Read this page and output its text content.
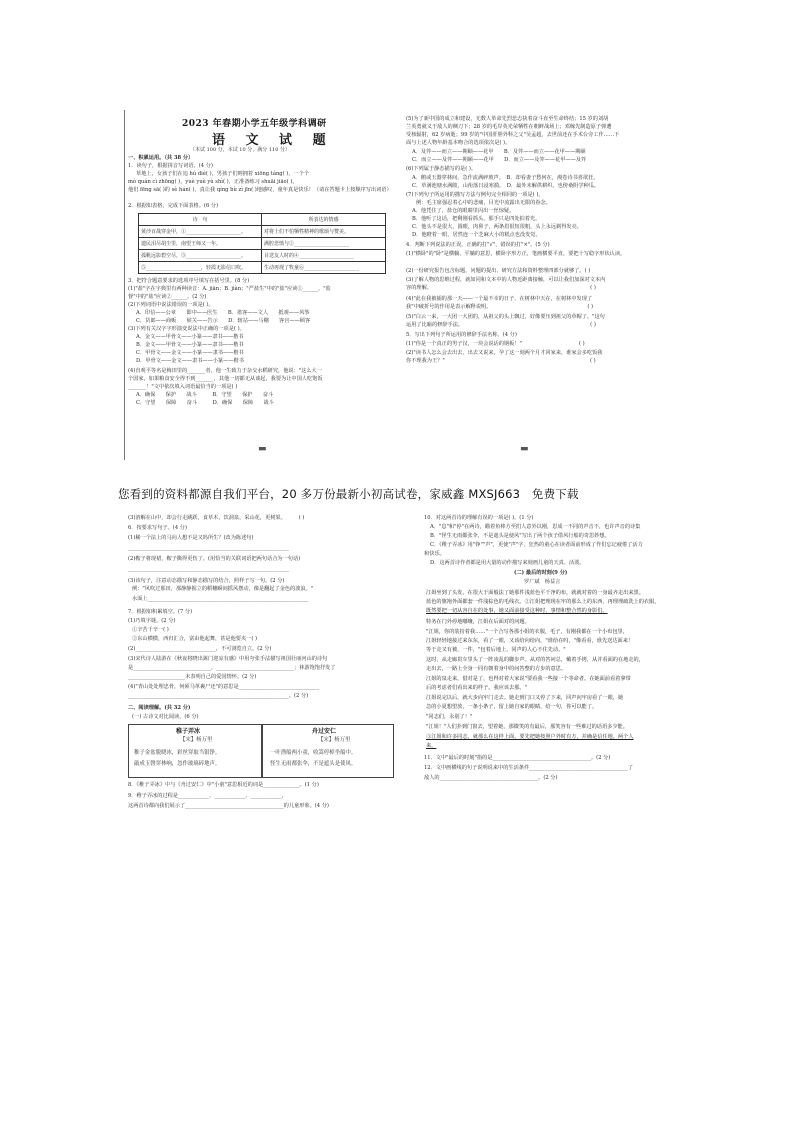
2023 年春期小学五年级学科调研
语 文 试 题
（本试 100 分，本试 10 分，满分 110 分）
一、积累运用。（共 38 分）
1．读句子，根据拼音写词语。(4 分)
草地上，女孩子们在追 hú dié( )，男孩子们则拥着 xiōng táng( )，一个个
mò quán cì zhōng( )，yuè yuè yù shì( )，正准备练习 shuāi jiāo( )。
他们 fēng sā( )的 sè hán( )，真让我 qíng bù zì jīn( )地感叹，童年真是快乐！（请在答题卡上按顺序写出词语）
2．根据如表格，完成下面表格。(6 分)
诗　句	所表达的情感
黄沙百战穿金甲，①______________________。	对将士们不怕牺牲精神的歌颂与赞美。
遗民泪尽胡尘里，南望王师又一年。	满腔悲愤与②______________________
孤帆远影碧空尽，③______________________。	目送友人时的④______________________
⑤______________________，轻霞无影信口吹。	生动再现了牧童⑥______________________
3．把符合题意要求的选项序号填写在括号里。(8 分)
(1)"盐"字在字典里有两种读音：A. jiān；B. jiàn；"严盐生"中的"盐"应读①______，"监
督"中的"盐"应读②______。(2 分)
(2)下列词语中说法错误的一项是( )。
A．印信——公章　　即中——医生　　B．墨客——文人　　抵观——风筝
C．货郎——商贩　　候关——告示　　D．辖站——马棚　　客官——顾客
(3)下列有关汉字字形演变说法中正确的一项是( )。
A．金文——甲骨文——小篆——隶书——楷书
B．金文——甲骨文——小篆——隶书——楷书
C．甲骨文——金文——小篆——隶书——楷书
D．甲骨文——金文——隶书——小篆——楷书
(4)直观平等名是梅田里的_______者，他一生致力于杂交水稻研究，他说："这么大一
个国家，如果粮食安全得不到_______，其他一切都无从谈起，我要为让中国人吃饱饭
_______！"文中依次填入词语最恰当的一项是( )
A．确保　　保护　　战斗　　　B．守望　　保护　　奋斗
C．守望　　保障　　奋斗　　　D．确保　　保障　　战斗
▬
(5)为了新中国的成立和建设，无数人革命先烈悲志执着奋斗直至生命终结；15 岁的刘胡
兰英勇就义于敌人的铡刀下；28 岁的毛岸英光荣牺牲在朝鲜战场上；邓稼先制造原子弹遭
受核辐射，62 岁病逝；99 岁的"中国肝胆外科之父"吴孟超，去世前还在手术台旁工作……下
面与上述人物年龄基本吻合的选项依次是( )。
A．及笄——而立——期颐——花甲　　B．及笄——而立——花甲——期颐
C．而立——及笄——期颐——花甲　　D．而立——及笄——花甲——及笄
(6)下列属于静态描写的是( )。
A．鹅或玉器穿林间，急作流满碎玻声。　B．却看妻子愁何在，漫卷诗书喜欲狂。
C．草满池塘水满陂，山衔落日浸寒漪。　D．最外未解供耕织，也傍桑阴学种瓜。
(7)下列句子所运用的描写方法与例句完全相同的一项是( )。
例：毛主席强忍着心中的悲痛，目光中流露出无限的眷念。
A．他凭住了，盐仓的眼睛里闪出一丝惊疑。
B．他听了这话，把剩刚看抓头，那手只是四处拍着光。
C．他头不是很大，圆眼，肉鼻子，两条眉很短很粗，头上永远剃得发亮。
D．他瞪着一眼，居然连一个芝麻大小的糕点也没发觉。
4．判断下列说法的正误，正确的打"√"，错误的打"×"。(5 分)
(1)"横卧"的"卧"是横躺、平躺的意思，横卧字形方正，笔画横要平直，要把十写稳字形状认读。
(2)一份研究报告包含标题、问题的提出、研究方法和资料整理四部分就够了。( )
(3)了解人物的思维过程，就如同和文本中的人物近距离接触，可以让我们加深对文本内
容的理解。　　　　　　　　　　　　　　　　　　　　　　　　　　　　　　　( )
(4)"此在我被捕的那一天——一个最不幸的日子，在树林中天在，在树林中发现了
我"中破折号的作用是表示解释说明。　　　　　　　　　　　　　　　　　　　( )
(5)"白云一来，一大团一大团的，从祖父的头上飘过，好像要压到祖父的草帽了。"这句
运用了比喻的修辞手法。　　　　　　　　　　　　　　　　　　　　　　　　　( )
5．写出下列句子所运用的修辞手法名称。(4 分)
(1)"你是一个真正的男子汉，一块会说话的钢板！"　　　　　　　　　　　( )
(2)"读书人怎么会去出去，出去又说来，孕了这一刻两个月才回家来，谁家会多吃饭我
你不理我为王？"　　　　　　　　　　　　　　　　　　　　　　　　　　　　( )
▬
您看到的资料都源自我们平台，20 多万份最新小初高试卷，家威鑫 MXSJ663　免费下载
(3)溶解在山中，却会行走跳跃，食草木，饮洞泉，采山花，更树果。　　　( )
6．按要求写句子。(4 分)
(1)稀一个法上的马向人想不是又吗所生？(改为陈述句)
______________________________________________________________
(2)鞍子将现裙，鞍子撕得更伤了。(用恰当的关联词语把两句话合为一句话)
______________________________________________________________
(3)该句子，注意动态描写和静态描写的结合，照样子写一句。(2 分)
例："风吹过那田，那静静握立的稻穗瞬间摇风摆动，像是翻起了金色的波浪。"
水面上______________________________________________________________
7．根据如积累填空。(7 分)
(1)巧填字谜。(2 分)
①辛苦千辛一( )
②东山横横，西归汇合，富由他起舞，甚是他要夹一( )
(2)_______________________________，不可浏览自立。(2 分)
(3)宋代诗人陆游在《秋夜将晓出篱门迎凉有感》中用夸张手法描写祖国壮丽河山的诗句
是______________________________，______________________________；林游饱饱抒发了
______________________未表明自己的爱国情怀。(2 分)
(4)"青山处处埋忠骨，何须马革裹尸还"的意思是_______________________________
______________________________________________________________。(2 分)
二、阅读理解。(共 32 分)
(一) 古诗文对比阅读。(6 分)
稚子弄冰
【宋】杨万里
稚子金盆脱晓冰，彩丝穿取当银铮。
敲成玉磬穿林响，忽作玻璃碎地声。
舟过安仁
【宋】杨万里
一叶渔船两小童，收篙停棹坐船中。
怪生无雨都张伞，不是遮头是使风。
8．《稚子弄冰》中与《舟过安仁》中"小童"意思相近的词是______________。(1 分)
9．稚子弄冰的过程是____________、____________、____________，
这两首诗都向我们展示了______________________________________的儿童形象。(4 分)
10．对这两首诗的理解有误的一项是( )。(1 分)
A．"息"和"停"在两诗，瞄着鱼棒方至扪人意外以刚，思成一不同的声音不，也许声音的诗集
B．"怪生无雨都张伞，不是遮头是使风"写出了两个孩子借风行船的奇思妙想。
C．《稚子弄冰》用"铮""声"，更使"声"字，狂热的童心在读者面前形成了作们忘记疲倦了活力
和快乐。
D．这两首诗作者都是用大量的动作描写来刻画儿童的天真、活泼。
(二) 最后的时刻(9 分)
罗广斌　杨益言
江姐坐到了头发，在很大于面般法了她那件浅蓝色平千净的布，就就对着的一身最齐走出来黑。
蓝色的旗袍外面都套一件浅棕色的毛线衣。②江姐把理现在牢的那么上的东西，再理理疏洗上的衣服，
既然要把一切从容自在的处事，她又面前接受这种时，事情和整合然的身影们。
特务在门外停地嘟嚷，江姐在后面对的问题。
"江姐，你的装扮着我……"一个合写各那小姐的衣服，毛子，有刚我都在一个小布包里，
江姐轻轻地接过来东东，看了一眼，又该给向给向，"谁给在吗，"像看看，谁先送达面来！
等于走又有被，一件，"包着后地上，同声的人心不住先动。"
这时，从走廊贯车里头了一阵凌乱的脚步声。从对的答问总，戴着手铐，从并看面的在地走的，
走出去，一路上全身一同有朝着身中的问答整的方步的意思。
江姐的泉走来，借对是了，也得对着大家说"要看我一些接一个等命者。在她面前看着拿带
后的考虑者们看出来的样子。我应该去那。"
江姐说完以后，就大步向牢门走去。她走到门口又停了下来，回声向牢房看了一眼，她
急的小夏想望放，一条小条子，留上她自家的眼睛，给一句，你可以能了。
"同志们，永别了！"
"江姐！"人们扑到门窗去，望着她，那微笑的有最后，那笑容有一些难过的话语多少能。
③江姐和许多同志，就那么在这样上面，要先把她按照户外时有方，并确是信任地。两个人
来。
11．文中"最后的时刻"指的是______________________________________。(2 分)
12．文中画横线的句子说明说来中的生活条件______________________________________了
敌人的______________________________________。(2 分)
